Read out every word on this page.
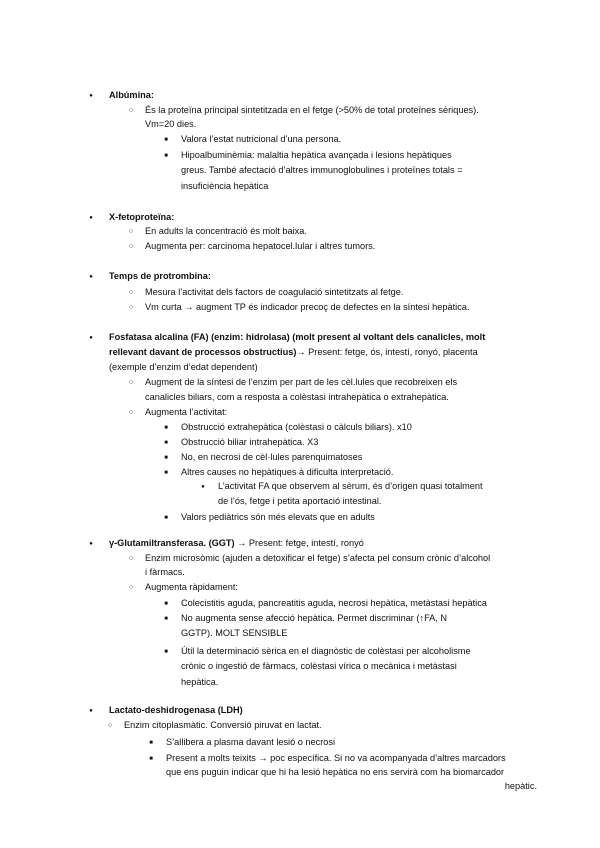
●
Albúmina:
○
És la proteïna principal sintetitzada en el fetge (>50% de total proteïnes sèriques).
Vm=20 dies.
■
Valora l’estat nutricional d’una persona.
■
Hipoalbuminèmia: malaltia hepàtica avançada i lesions hepàtiques
greus. També afectació d’altres immunoglobulines i proteïnes totals =
insuficiència hepàtica
●
X-fetoproteïna:
○
En adults la concentració és molt baixa.
○
Augmenta per: carcinoma hepatocel.lular i altres tumors.
●
Temps de protrombina:
○
Mesura l’activitat dels factors de coagulació sintetitzats al fetge.
○
Vm curta → augment TP és indicador precoç de defectes en la síntesi hepàtica.
●
Fosfatasa alcalina (FA) (enzim: hidrolasa) (molt present al voltant dels canalicles, molt
rellevant davant de processos obstructius)→ Present: fetge, ós, intestí, ronyó, placenta
(exemple d’enzim d’edat dependent)
○
Augment de la síntesi de l’enzim per part de les cèl.lules que recobreixen els
canalicles biliars, com a resposta a colèstasi intrahepàtica o extrahepàtica.
○
Augmenta l’activitat:
■
Obstrucció extrahepàtica (colèstasi o càlculs biliars). x10
■
Obstrucció biliar intrahepàtica. X3
■
No, en necrosi de cèl·lules parenquimatoses
■
Altres causes no hepàtiques à dificulta interpretació.
●
L’activitat FA que observem al sèrum, és d’origen quasi totalment
de l’ós, fetge i petita aportació intestinal.
■
Valors pediàtrics són més elevats que en adults
●
γ-Glutamiltransferasa. (GGT) → Present: fetge, intestí, ronyó
○
Enzim microsòmic (ajuden a detoxificar el fetge) s’afecta pel consum crònic d’alcohol
i fàrmacs.
○
Augmenta ràpidament:
■
Colecistitis aguda, pancreatitis aguda, necrosi hepàtica, metàstasi hepàtica
■
No augmenta sense afecció hepàtica. Permet discriminar (↑FA, N
GGTP). MOLT SENSIBLE
■
Útil la determinació sèrica en el diagnòstic de colèstasi per alcoholisme
crònic o ingestió de fàrmacs, colèstasi vírica o mecànica i metàstasi
hepàtica.
●
Lactato-deshidrogenasa (LDH)
○
Enzim citoplasmàtic. Conversió piruvat en lactat.
■
S’allibera a plasma davant lesió o necrosi
■
Present a molts teixits → poc específica. Si no va acompanyada d’altres marcadors
que ens puguin indicar que hi ha lesió hepàtica no ens servirà com ha biomarcador
hepàtic.
